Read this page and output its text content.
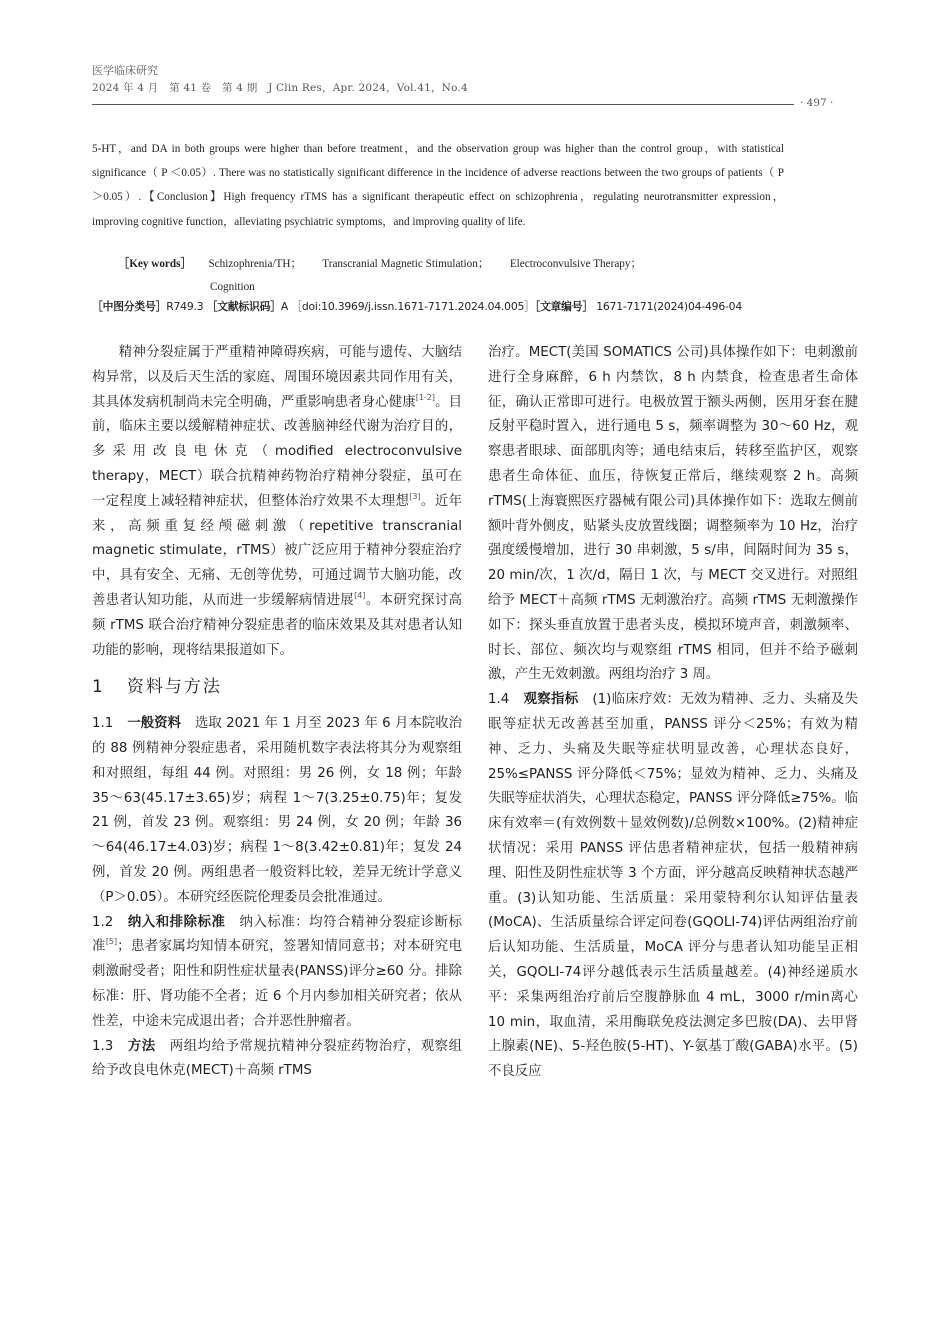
医学临床研究
2024 年 4 月　第 41 卷　第 4 期　J Clin Res，Apr. 2024，Vol.41，No.4
· 497 ·
5-HT，and DA in both groups were higher than before treatment，and the observation group was higher than the control group，with statistical significance（ P ＜0.05）. There was no statistically significant difference in the incidence of adverse reactions between the two groups of patients（ P ＞0.05）.【Conclusion】High frequency rTMS has a significant therapeutic effect on schizophrenia，regulating neurotransmitter expression，improving cognitive function，alleviating psychiatric symptoms，and improving quality of life.
［Key words］ Schizophrenia/TH； Transcranial Magnetic Stimulation； Electroconvulsive Therapy；
Cognition
［中图分类号］R749.3 ［文献标识码］A ［doi:10.3969/j.issn.1671-7171.2024.04.005］［文章编号］ 1671-7171(2024)04-496-04

精神分裂症属于严重精神障碍疾病，可能与遗传、大脑结构异常，以及后天生活的家庭、周围环境因素共同作用有关，其具体发病机制尚未完全明确，严重影响患者身心健康[1-2]。目前，临床主要以缓解精神症状、改善脑神经代谢为治疗目的，多采用改良电休克（modified electroconvulsive therapy，MECT）联合抗精神药物治疗精神分裂症，虽可在一定程度上减轻精神症状，但整体治疗效果不太理想[3]。近年来，高频重复经颅磁刺激（repetitive transcranial magnetic stimulate，rTMS）被广泛应用于精神分裂症治疗中，具有安全、无痛、无创等优势，可通过调节大脑功能，改善患者认知功能，从而进一步缓解病情进展[4]。本研究探讨高频 rTMS 联合治疗精神分裂症患者的临床效果及其对患者认知功能的影响，现将结果报道如下。

1 资料与方法

1.1 一般资料 选取 2021 年 1 月至 2023 年 6 月本院收治的 88 例精神分裂症患者，采用随机数字表法将其分为观察组和对照组，每组 44 例。对照组：男 26 例，女 18 例；年龄 35～63(45.17±3.65)岁；病程 1～7(3.25±0.75)年；复发 21 例，首发 23 例。观察组：男 24 例，女 20 例；年龄 36～64(46.17±4.03)岁；病程 1～8(3.42±0.81)年；复发 24 例，首发 20 例。两组患者一般资料比较，差异无统计学意义（P＞0.05）。本研究经医院伦理委员会批准通过。

1.2 纳入和排除标准 纳入标准：均符合精神分裂症诊断标准[5]；患者家属均知情本研究，签署知情同意书；对本研究电刺激耐受者；阳性和阴性症状量表(PANSS)评分≥60 分。排除标准：肝、肾功能不全者；近 6 个月内参加相关研究者；依从性差，中途未完成退出者；合并恶性肿瘤者。

1.3 方法 两组均给予常规抗精神分裂症药物治疗，观察组给予改良电休克(MECT)＋高频 rTMS

治疗。MECT(美国 SOMATICS 公司)具体操作如下：电刺激前进行全身麻醉，6 h 内禁饮，8 h 内禁食，检查患者生命体征，确认正常即可进行。电极放置于额头两侧，医用牙套在腱反射平稳时置入，进行通电 5 s，频率调整为 30～60 Hz，观察患者眼球、面部肌肉等；通电结束后，转移至监护区，观察患者生命体征、血压，待恢复正常后，继续观察 2 h。高频 rTMS(上海寰熙医疗器械有限公司)具体操作如下：选取左侧前额叶背外侧皮，贴紧头皮放置线圈；调整频率为 10 Hz，治疗强度缓慢增加，进行 30 串刺激，5 s/串，间隔时间为 35 s，20 min/次，1 次/d，隔日 1 次，与 MECT 交叉进行。对照组给予 MECT＋高频 rTMS 无刺激治疗。高频 rTMS 无刺激操作如下：探头垂直放置于患者头皮，模拟环境声音，刺激频率、时长、部位、频次均与观察组 rTMS 相同，但并不给予磁刺激，产生无效刺激。两组均治疗 3 周。

1.4 观察指标 (1)临床疗效：无效为精神、乏力、头痛及失眠等症状无改善甚至加重，PANSS 评分＜25%；有效为精神、乏力、头痛及失眠等症状明显改善，心理状态良好，25%≤PANSS 评分降低＜75%；显效为精神、乏力、头痛及失眠等症状消失，心理状态稳定，PANSS 评分降低≥75%。临床有效率＝(有效例数＋显效例数)/总例数×100%。(2)精神症状情况：采用 PANSS 评估患者精神症状，包括一般精神病理、阳性及阴性症状等 3 个方面，评分越高反映精神状态越严重。(3)认知功能、生活质量：采用蒙特利尔认知评估量表(MoCA)、生活质量综合评定问卷(GQOLI-74)评估两组治疗前后认知功能、生活质量，MoCA 评分与患者认知功能呈正相关，GQOLI-74评分越低表示生活质量越差。(4)神经递质水平：采集两组治疗前后空腹静脉血 4 mL，3000 r/min离心 10 min，取血清，采用酶联免疫法测定多巴胺(DA)、去甲肾上腺素(NE)、5-羟色胺(5-HT)、Y-氨基丁酸(GABA)水平。(5)不良反应
